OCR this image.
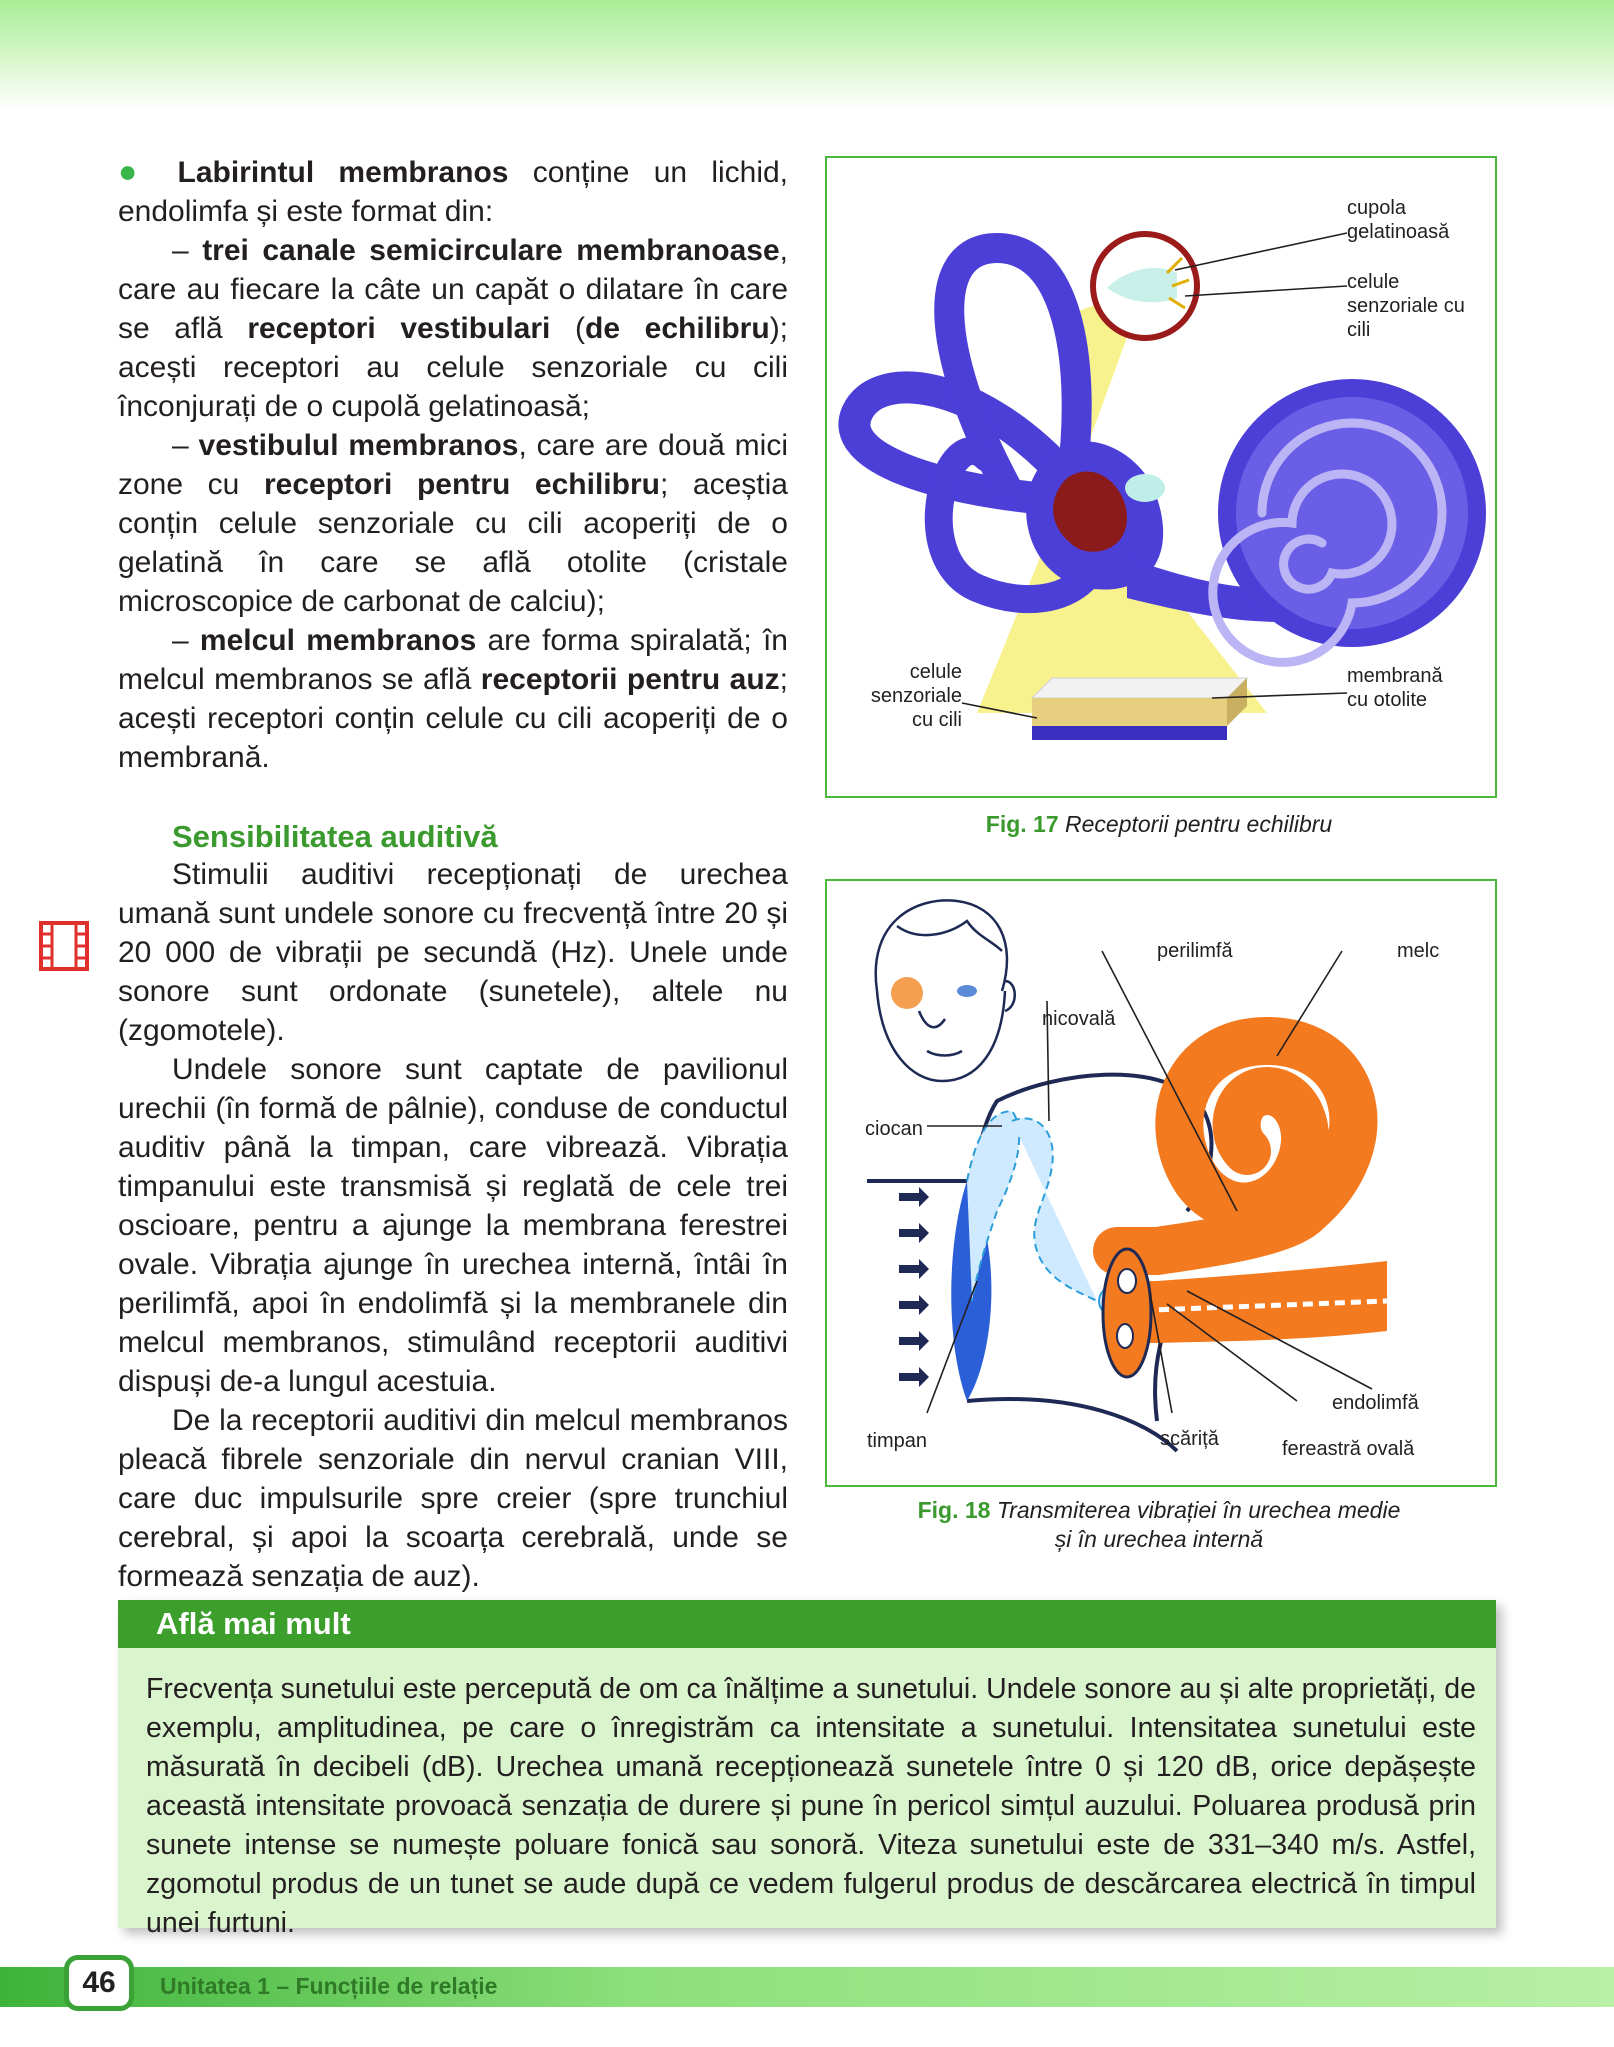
● Labirintul membranos conține un lichid, endolimfa și este format din:

– trei canale semicirculare membranoase, care au fiecare la câte un capăt o dilatare în care se află receptori vestibulari (de echilibru); acești receptori au celule senzoriale cu cili înconjurați de o cupolă gelatinoasă;

– vestibulul membranos, care are două mici zone cu receptori pentru echilibru; aceștia conțin celule senzoriale cu cili acoperiți de o gelatină în care se află otolite (cristale microscopice de carbonat de calciu);

– melcul membranos are forma spiralată; în melcul membranos se află receptorii pentru auz; acești receptori conțin celule cu cili acoperiți de o membrană.

Sensibilitatea auditivă

Stimulii auditivi recepționați de urechea umană sunt undele sonore cu frecvență între 20 și 20 000 de vibrații pe secundă (Hz). Unele unde sonore sunt ordonate (sunetele), altele nu (zgomotele).

Undele sonore sunt captate de pavilionul urechii (în formă de pâlnie), conduse de conductul auditiv până la timpan, care vibrează. Vibrația timpanului este transmisă și reglată de cele trei oscioare, pentru a ajunge la membrana ferestrei ovale. Vibrația ajunge în urechea internă, întâi în perilimfă, apoi în endolimfă și la membranele din melcul membranos, stimulând receptorii auditivi dispuși de-a lungul acestuia.

De la receptorii auditivi din melcul membranos pleacă fibrele senzoriale din nervul cranian VIII, care duc impulsurile spre creier (spre trunchiul cerebral, și apoi la scoarța cerebrală, unde se formează senzația de auz).

cupola gelatinoasă
celule senzoriale cu cili
celule senzoriale cu cili
membrană cu otolite
Fig. 17 Receptorii pentru echilibru
perilimfă	melc
nicovală
ciocan
timpan	scăriță
endolimfă
fereastră ovală
Fig. 18 Transmiterea vibrației în urechea medie
și în urechea internă
Află mai mult
Frecvența sunetului este percepută de om ca înălțime a sunetului. Undele sonore au și alte proprietăți, de exemplu, amplitudinea, pe care o înregistrăm ca intensitate a sunetului. Intensitatea sunetului este măsurată în decibeli (dB). Urechea umană recepționează sunetele între 0 și 120 dB, orice depășește această intensitate provoacă senzația de durere și pune în pericol simțul auzului. Poluarea produsă prin sunete intense se numește poluare fonică sau sonoră. Viteza sunetului este de 331–340 m/s. Astfel, zgomotul produs de un tunet se aude după ce vedem fulgerul produs de descărcarea electrică în timpul unei furtuni.
46	Unitatea 1 – Funcțiile de relație
